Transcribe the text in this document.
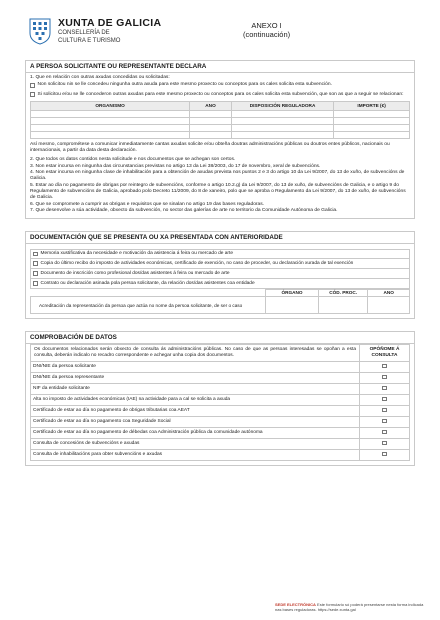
XUNTA DE GALICIA
CONSELLERÍA DE
CULTURA E TURISMO
ANEXO I
(continuación)
A PERSOA SOLICITANTE OU REPRESENTANTE DECLARA
1. Que en relación con outras axudas concedidas ou solicitadas:
Non solicitou nin se lle concedeu ningunha outra axuda para este mesmo proxecto ou conceptos para os cales solicita esta subvención.
Si solicitou e/ou se lle concederon outras axudas para este mesmo proxecto ou conceptos para os cales solicita esta subvención, que son as que a seguir se relacionan:
ORGANISMO	ANO	DISPOSICIÓN REGULADORA	IMPORTE (€)

Así mesmo, comprométese a comunicar inmediatamente cantas axudas solicite e/ou obteña doutras administracións públicas ou doutros entes públicos, nacionais ou internacionais, a partir da data desta declaración.
2. Que todos os datos contidos nesta solicitude e nos documentos que se achegan son certos.
3. Non estar incursa en ningunha das circunstancias previstas no artigo 13 da Lei 38/2003, do 17 de novembro, xeral de subvencións.
4. Non estar incursa en ningunha clase de inhabilitación para a obtención de axudas prevista nos puntos 2 e 3 do artigo 10 da Lei 9/2007, do 13 de xuño, de subvencións de Galicia.
5. Estar ao día no pagamento de obrigas por reintegro de subvencións, conforme o artigo 10.2.g) da Lei 9/2007, do 13 de xuño, de subvencións de Galicia, e o artigo 9 do Regulamento de subvencións de Galicia, aprobado polo Decreto 11/2009, do 8 de xaneiro, polo que se aproba o Regulamento da Lei 9/2007, do 13 de xuño, de subvencións de Galicia.
6. Que se compromete a cumprir as obrigas e requisitos que se sinalan no artigo 19 das bases reguladoras.
7. Que desenvolve a súa actividade, obxecto da subvención, no sector das galerías de arte no territorio da Comunidade Autónoma de Galicia.
DOCUMENTACIÓN QUE SE PRESENTA OU XA PRESENTADA CON ANTERIORIDADE
Memoria xustificativa da necesidade e motivación da asistencia á feira ou mercado de arte
Copia do último recibo do imposto de actividades económicas, certificado de exención, no caso de proceder, ou declaración xurada de tal exención
Documento de inscrición como profesional dos/das asistentes á feira ou mercado de arte
Contrato ou declaración asinada pola persoa solicitante, da relación dos/das asistentes coa entidade
	ÓRGANO	CÓD. PROC.	ANO
Acreditación da representación da persoa que actúa no nome da persoa solicitante, de ser o caso			
COMPROBACIÓN DE DATOS
Os documentos relacionados serán obxecto de consulta ás administracións públicas. No caso de que as persoas interesadas se opoñan a esta consulta, deberán indicalo no recadro correspondente e achegar unha copia dos documentos.	OPÓÑOME Á CONSULTA
DNI/NIE da persoa solicitante	
DNI/NIE da persoa representante	
NIF da entidade solicitante	
Alta no imposto de actividades económicas (IAE) na actividade para a cal se solicita a axuda	
Certificado de estar ao día no pagamento de obrigas tributarias coa AEAT	
Certificado de estar ao día no pagamento coa Seguridade Social	
Certificado de estar ao día no pagamento de débedas coa Administración pública da comunidade autónoma	
Consulta de concesións de subvencións e axudas	
Consulta de inhabilitacións para obter subvencións e axudas	
SEDE ELECTRÓNICA Este formulario só poderá presentarse nesta forma indicada nas bases reguladoras. https://sede.xunta.gal
